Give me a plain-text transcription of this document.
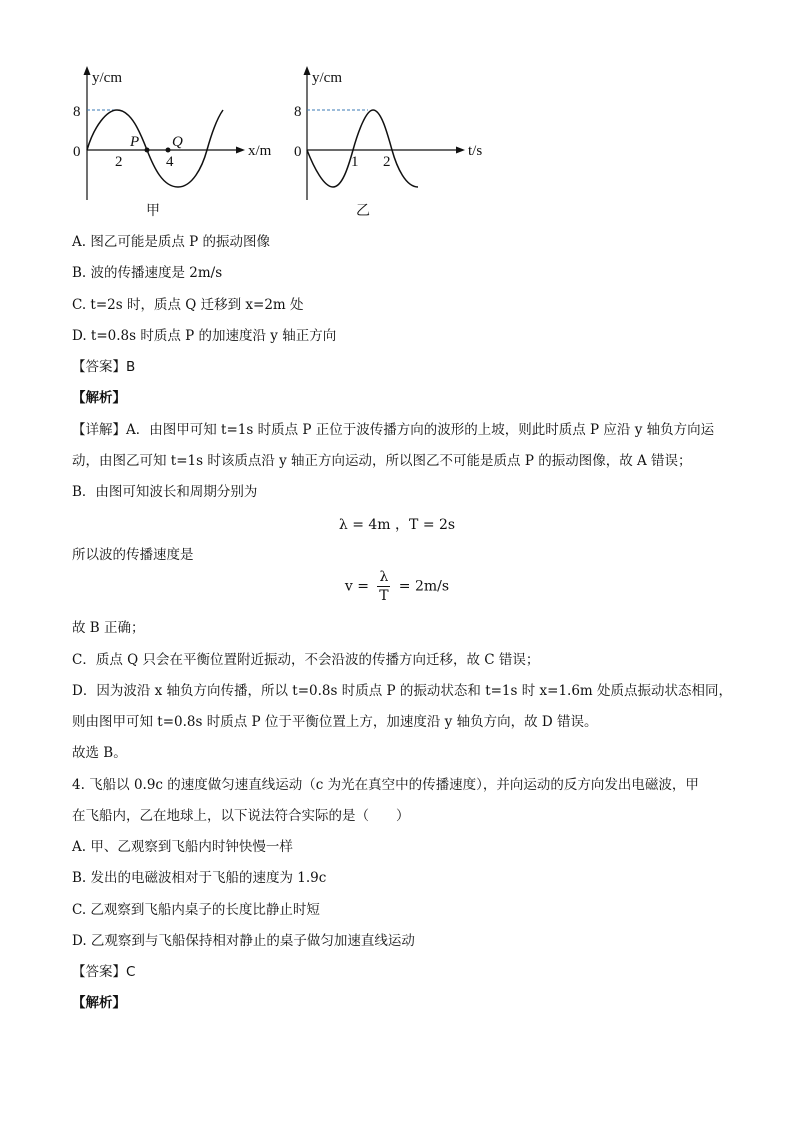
y/cm
x/m
8
0
2	4
P Q
y/cm
t/s
8
0
1 2
甲	乙
A. 图乙可能是质点 P 的振动图像
B. 波的传播速度是 2m/s
C. t=2s 时，质点 Q 迁移到 x=2m 处
D. t=0.8s 时质点 P 的加速度沿 y 轴正方向
【答案】B
【解析】
【详解】A．由图甲可知 t=1s 时质点 P 正位于波传播方向的波形的上坡，则此时质点 P 应沿 y 轴负方向运
动，由图乙可知 t=1s 时该质点沿 y 轴正方向运动，所以图乙不可能是质点 P 的振动图像，故 A 错误；
B．由图可知波长和周期分别为
λ = 4m ，T = 2s
所以波的传播速度是
$v = \frac{\lambda}{T} = 2m/s$
故 B 正确；
C．质点 Q 只会在平衡位置附近振动，不会沿波的传播方向迁移，故 C 错误；
D．因为波沿 x 轴负方向传播，所以 t=0.8s 时质点 P 的振动状态和 t=1s 时 x=1.6m 处质点振动状态相同，
则由图甲可知 t=0.8s 时质点 P 位于平衡位置上方，加速度沿 y 轴负方向，故 D 错误。
故选 B。
4. 飞船以 0.9c 的速度做匀速直线运动（c 为光在真空中的传播速度），并向运动的反方向发出电磁波，甲
在飞船内，乙在地球上，以下说法符合实际的是（　　）
A. 甲、乙观察到飞船内时钟快慢一样
B. 发出的电磁波相对于飞船的速度为 1.9c
C. 乙观察到飞船内桌子的长度比静止时短
D. 乙观察到与飞船保持相对静止的桌子做匀加速直线运动
【答案】C
【解析】
